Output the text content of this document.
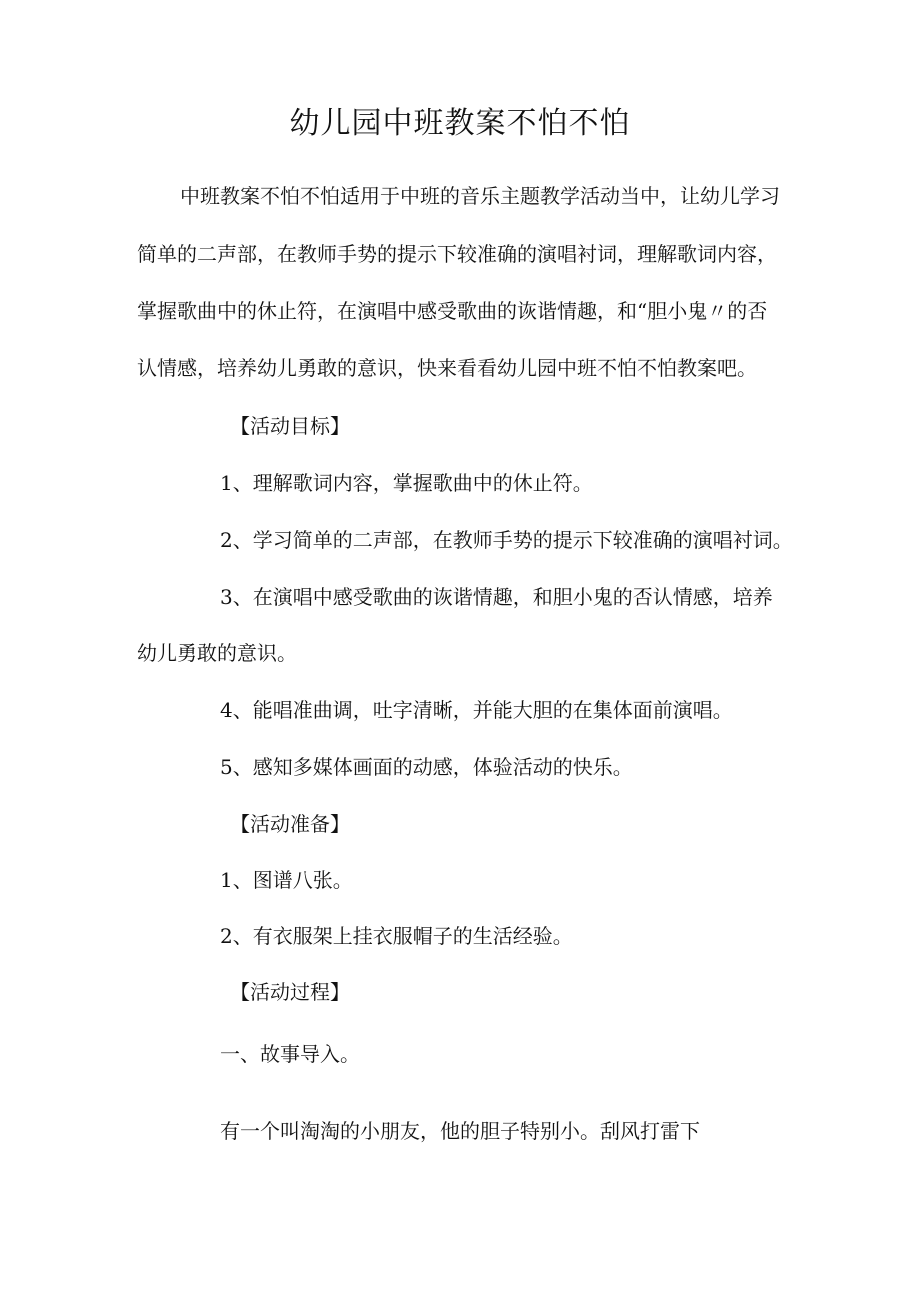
幼儿园中班教案不怕不怕
中班教案不怕不怕适用于中班的音乐主题教学活动当中，让幼儿学习
简单的二声部，在教师手势的提示下较准确的演唱衬词，理解歌词内容，
掌握歌曲中的休止符，在演唱中感受歌曲的诙谐情趣，和“胆小鬼〃的否
认情感，培养幼儿勇敢的意识，快来看看幼儿园中班不怕不怕教案吧。
【活动目标】
1、理解歌词内容，掌握歌曲中的休止符。
2、学习简单的二声部，在教师手势的提示下较准确的演唱衬词。
3、在演唱中感受歌曲的诙谐情趣，和胆小鬼的否认情感，培养
幼儿勇敢的意识。
4、能唱准曲调，吐字清晰，并能大胆的在集体面前演唱。
5、感知多媒体画面的动感，体验活动的快乐。
【活动准备】
1、图谱八张。
2、有衣服架上挂衣服帽子的生活经验。
【活动过程】
一、故事导入。
有一个叫淘淘的小朋友，他的胆子特别小。刮风打雷下
